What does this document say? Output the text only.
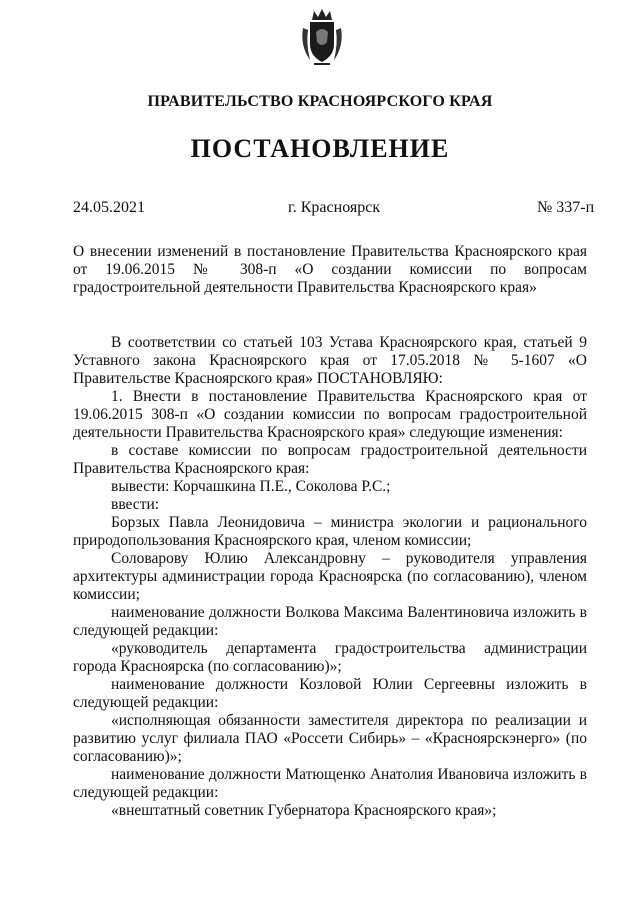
ПРАВИТЕЛЬСТВО КРАСНОЯРСКОГО КРАЯ
ПОСТАНОВЛЕНИЕ
24.05.2021	г. Красноярск	№ 337-п
О внесении изменений в постановление Правительства Красноярского края от 19.06.2015 № 308-п «О создании комиссии по вопросам градостроительной деятельности Правительства Красноярского края»

В соответствии со статьей 103 Устава Красноярского края, статьей 9 Уставного закона Красноярского края от 17.05.2018 № 5-1607 «О Правительстве Красноярского края» ПОСТАНОВЛЯЮ:

1. Внести в постановление Правительства Красноярского края от 19.06.2015 308-п «О создании комиссии по вопросам градостроительной деятельности Правительства Красноярского края» следующие изменения:

в составе комиссии по вопросам градостроительной деятельности Правительства Красноярского края:

вывести: Корчашкина П.Е., Соколова Р.С.;

ввести:

Борзых Павла Леонидовича – министра экологии и рационального природопользования Красноярского края, членом комиссии;

Соловарову Юлию Александровну – руководителя управления архитектуры администрации города Красноярска (по согласованию), членом комиссии;

наименование должности Волкова Максима Валентиновича изложить в следующей редакции:

«руководитель департамента градостроительства администрации города Красноярска (по согласованию)»;

наименование должности Козловой Юлии Сергеевны изложить в следующей редакции:

«исполняющая обязанности заместителя директора по реализации и развитию услуг филиала ПАО «Россети Сибирь» – «Красноярскэнерго» (по согласованию)»;

наименование должности Матющенко Анатолия Ивановича изложить в следующей редакции:

«внештатный советник Губернатора Красноярского края»;
